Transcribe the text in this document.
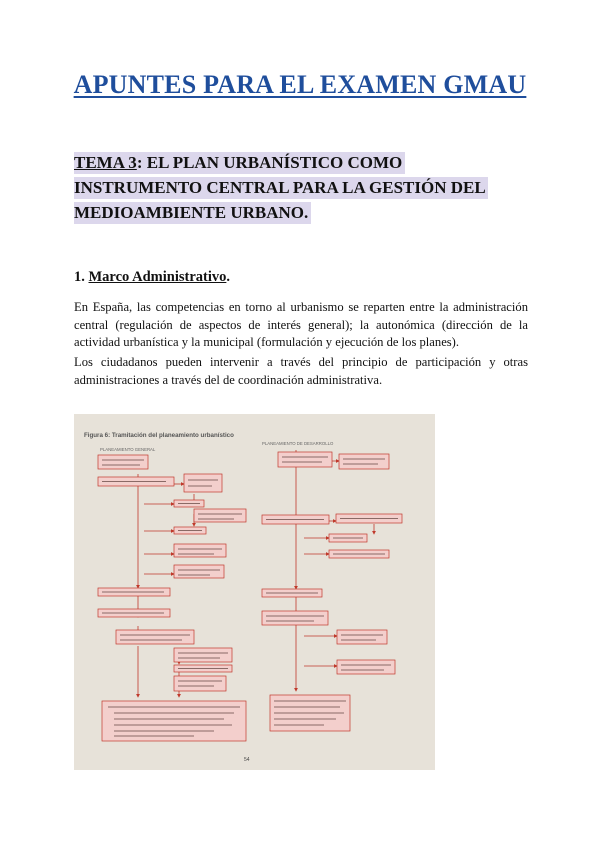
APUNTES PARA EL EXAMEN GMAU
TEMA 3: EL PLAN URBANÍSTICO COMO INSTRUMENTO CENTRAL PARA LA GESTIÓN DEL MEDIOAMBIENTE URBANO.
1. Marco Administrativo.

En España, las competencias en torno al urbanismo se reparten entre la administración central (regulación de aspectos de interés general); la autonómica (dirección de la actividad urbanística y la municipal (formulación y ejecución de los planes).

Los ciudadanos pueden intervenir a través del principio de participación y otras administraciones a través del de coordinación administrativa.

Figura 6: Tramitación del planeamiento urbanístico
PLANEAMIENTO GENERAL
PLANEAMIENTO DE DESARROLLO
54
